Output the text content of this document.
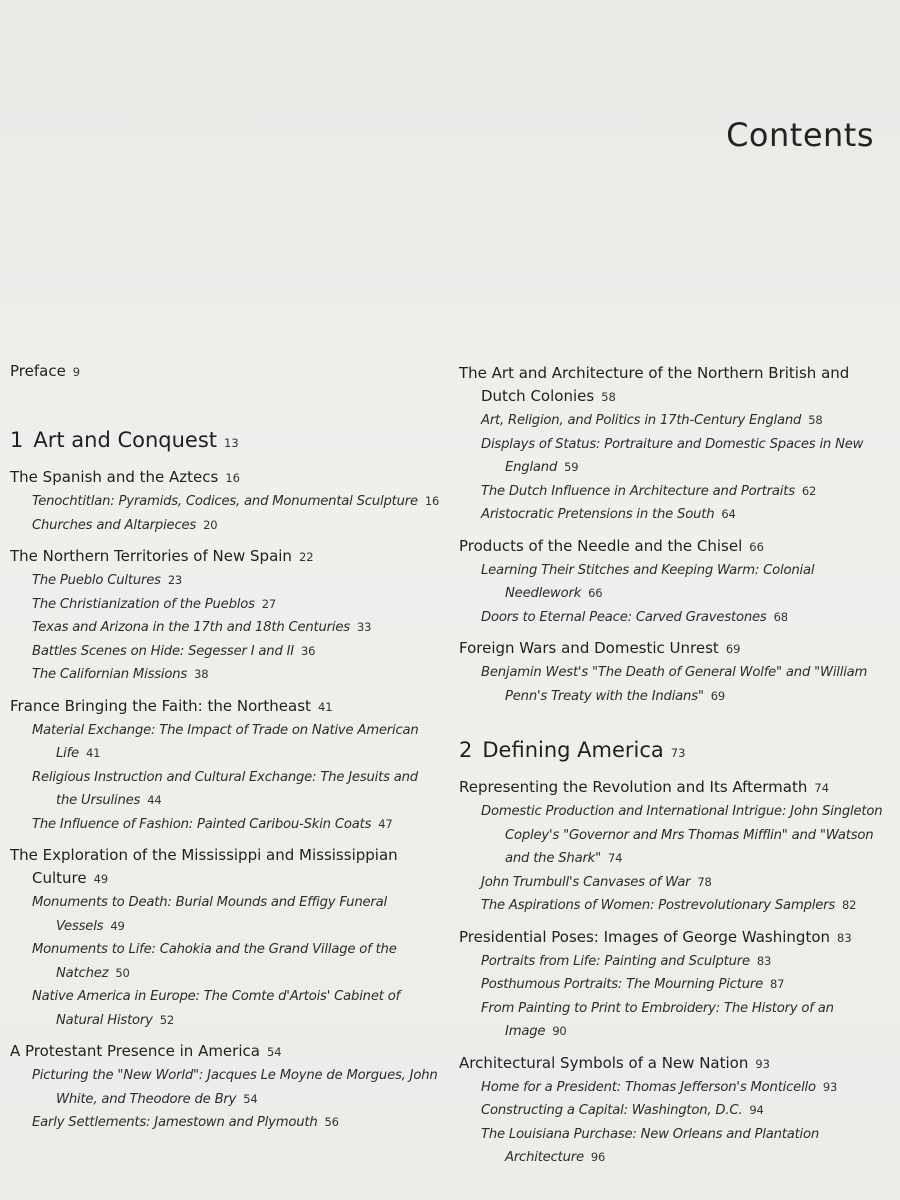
Contents
Preface 9
1 Art and Conquest 13
The Spanish and the Aztecs 16
Tenochtitlan: Pyramids, Codices, and Monumental Sculpture 16
Churches and Altarpieces 20
The Northern Territories of New Spain 22
The Pueblo Cultures 23
The Christianization of the Pueblos 27
Texas and Arizona in the 17th and 18th Centuries 33
Battles Scenes on Hide: Segesser I and II 36
The Californian Missions 38
France Bringing the Faith: the Northeast 41
Material Exchange: The Impact of Trade on Native American Life 41
Religious Instruction and Cultural Exchange: The Jesuits and the Ursulines 44
The Influence of Fashion: Painted Caribou-Skin Coats 47
The Exploration of the Mississippi and Mississippian Culture 49
Monuments to Death: Burial Mounds and Effigy Funeral Vessels 49
Monuments to Life: Cahokia and the Grand Village of the Natchez 50
Native America in Europe: The Comte d'Artois' Cabinet of Natural History 52
A Protestant Presence in America 54
Picturing the "New World": Jacques Le Moyne de Morgues, John White, and Theodore de Bry 54
Early Settlements: Jamestown and Plymouth 56
The Art and Architecture of the Northern British and Dutch Colonies 58
Art, Religion, and Politics in 17th-Century England 58
Displays of Status: Portraiture and Domestic Spaces in New England 59
The Dutch Influence in Architecture and Portraits 62
Aristocratic Pretensions in the South 64
Products of the Needle and the Chisel 66
Learning Their Stitches and Keeping Warm: Colonial Needlework 66
Doors to Eternal Peace: Carved Gravestones 68
Foreign Wars and Domestic Unrest 69
Benjamin West's "The Death of General Wolfe" and "William Penn's Treaty with the Indians" 69
2 Defining America 73
Representing the Revolution and Its Aftermath 74
Domestic Production and International Intrigue: John Singleton Copley's "Governor and Mrs Thomas Mifflin" and "Watson and the Shark" 74
John Trumbull's Canvases of War 78
The Aspirations of Women: Postrevolutionary Samplers 82
Presidential Poses: Images of George Washington 83
Portraits from Life: Painting and Sculpture 83
Posthumous Portraits: The Mourning Picture 87
From Painting to Print to Embroidery: The History of an Image 90
Architectural Symbols of a New Nation 93
Home for a President: Thomas Jefferson's Monticello 93
Constructing a Capital: Washington, D.C. 94
The Louisiana Purchase: New Orleans and Plantation Architecture 96
